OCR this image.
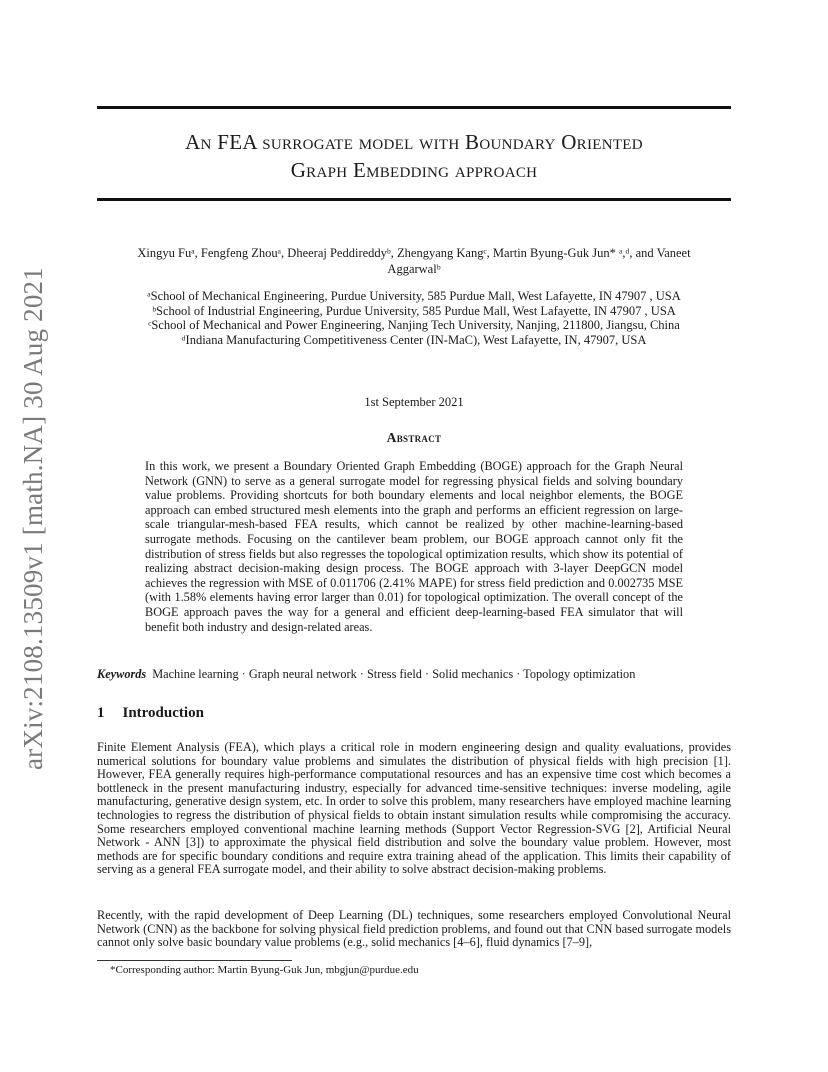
arXiv:2108.13509v1 [math.NA] 30 Aug 2021
An FEA surrogate model with Boundary Oriented
Graph Embedding approach
Xingyu Fuᵃ, Fengfeng Zhouᵃ, Dheeraj Peddireddyᵇ, Zhengyang Kangᶜ, Martin Byung-Guk Jun* ᵃ,ᵈ, and Vaneet
Aggarwalᵇ
ᵃSchool of Mechanical Engineering, Purdue University, 585 Purdue Mall, West Lafayette, IN 47907 , USA
ᵇSchool of Industrial Engineering, Purdue University, 585 Purdue Mall, West Lafayette, IN 47907 , USA
ᶜSchool of Mechanical and Power Engineering, Nanjing Tech University, Nanjing, 211800, Jiangsu, China
ᵈIndiana Manufacturing Competitiveness Center (IN-MaC), West Lafayette, IN, 47907, USA
1st September 2021
Abstract
In this work, we present a Boundary Oriented Graph Embedding (BOGE) approach for the Graph Neural Network (GNN) to serve as a general surrogate model for regressing physical fields and solving boundary value problems. Providing shortcuts for both boundary elements and local neighbor elements, the BOGE approach can embed structured mesh elements into the graph and performs an efficient regression on large-scale triangular-mesh-based FEA results, which cannot be realized by other machine-learning-based surrogate methods. Focusing on the cantilever beam problem, our BOGE approach cannot only fit the distribution of stress fields but also regresses the topological optimization results, which show its potential of realizing abstract decision-making design process. The BOGE approach with 3-layer DeepGCN model achieves the regression with MSE of 0.011706 (2.41% MAPE) for stress field prediction and 0.002735 MSE (with 1.58% elements having error larger than 0.01) for topological optimization. The overall concept of the BOGE approach paves the way for a general and efficient deep-learning-based FEA simulator that will benefit both industry and design-related areas.
Keywords Machine learning · Graph neural network · Stress field · Solid mechanics · Topology optimization
1 Introduction
Finite Element Analysis (FEA), which plays a critical role in modern engineering design and quality evaluations, provides numerical solutions for boundary value problems and simulates the distribution of physical fields with high precision [1]. However, FEA generally requires high-performance computational resources and has an expensive time cost which becomes a bottleneck in the present manufacturing industry, especially for advanced time-sensitive techniques: inverse modeling, agile manufacturing, generative design system, etc. In order to solve this problem, many researchers have employed machine learning technologies to regress the distribution of physical fields to obtain instant simulation results while compromising the accuracy. Some researchers employed conventional machine learning methods (Support Vector Regression-SVG [2], Artificial Neural Network - ANN [3]) to approximate the physical field distribution and solve the boundary value problem. However, most methods are for specific boundary conditions and require extra training ahead of the application. This limits their capability of serving as a general FEA surrogate model, and their ability to solve abstract decision-making problems.
Recently, with the rapid development of Deep Learning (DL) techniques, some researchers employed Convolutional Neural Network (CNN) as the backbone for solving physical field prediction problems, and found out that CNN based surrogate models cannot only solve basic boundary value problems (e.g., solid mechanics [4–6], fluid dynamics [7–9],
*Corresponding author: Martin Byung-Guk Jun, mbgjun@purdue.edu
